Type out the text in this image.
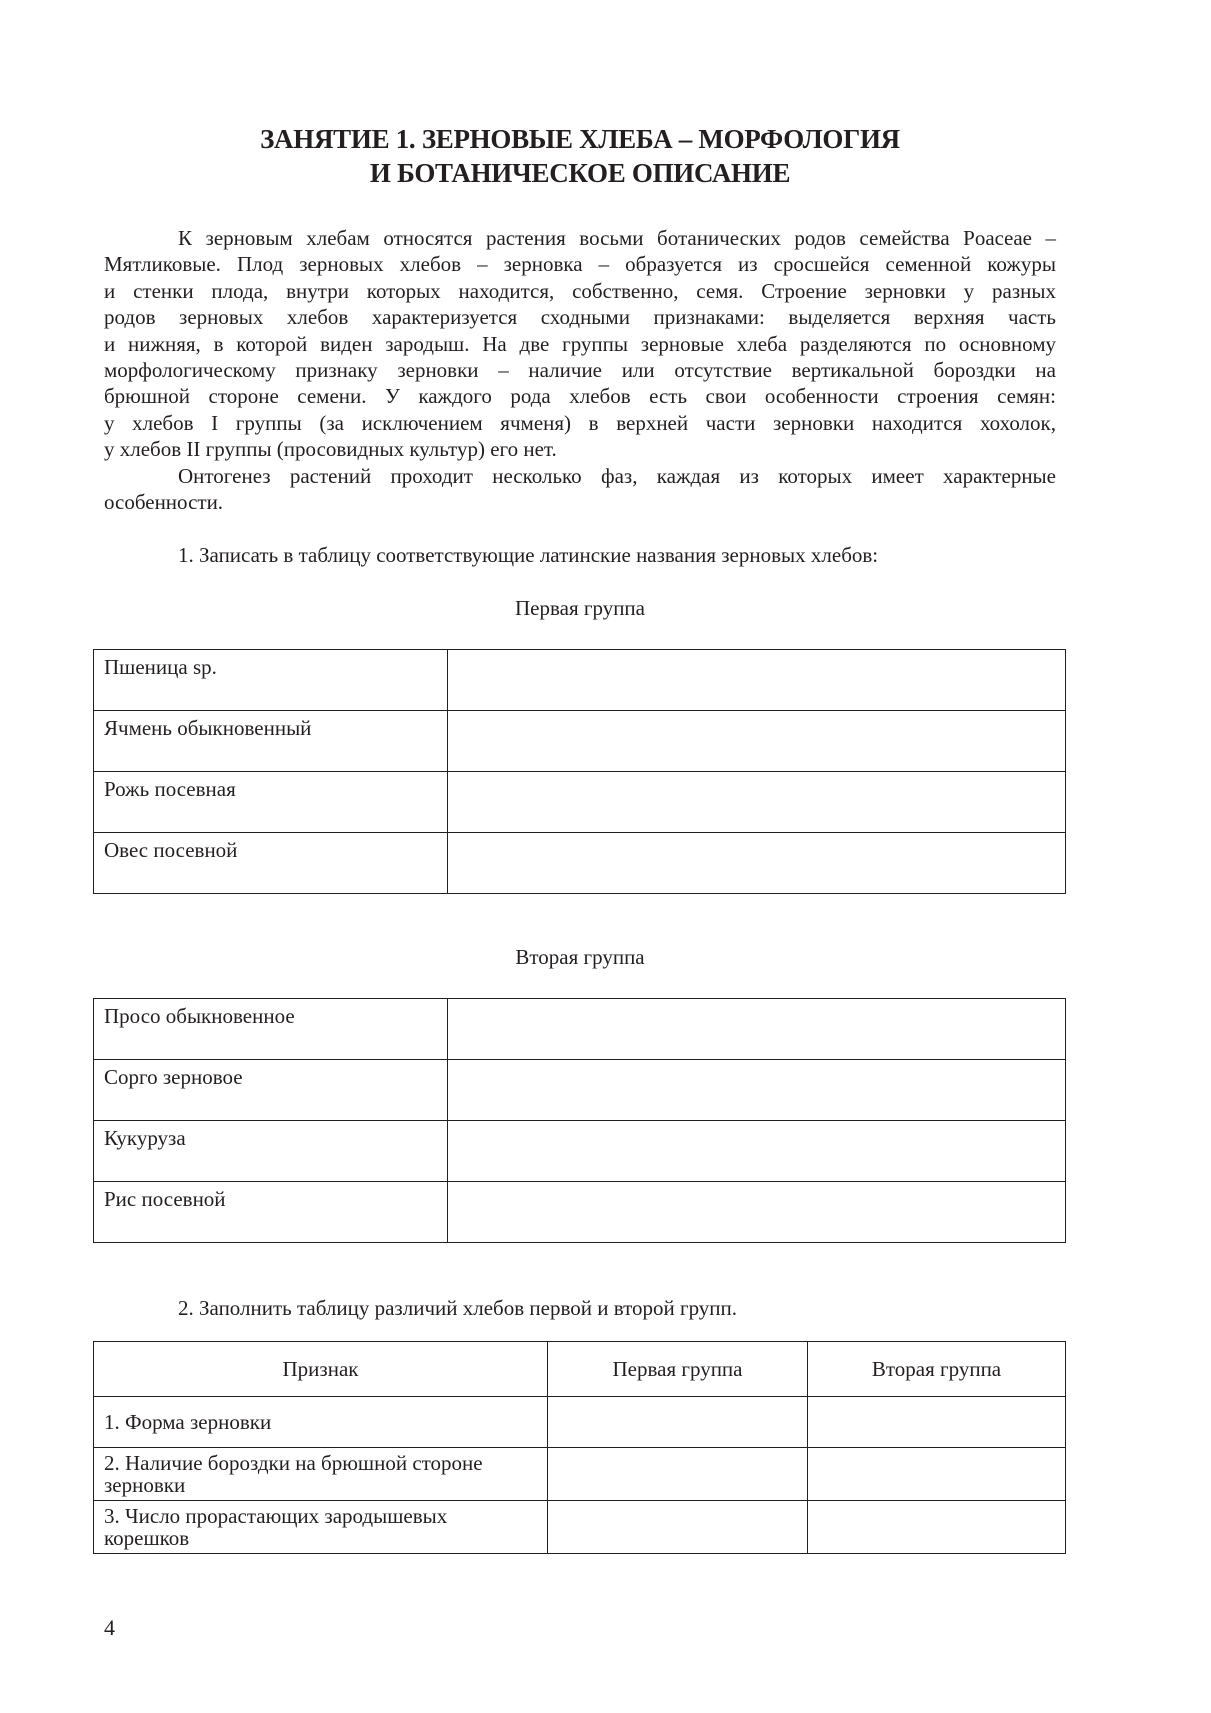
ЗАНЯТИЕ 1. ЗЕРНОВЫЕ ХЛЕБА – МОРФОЛОГИЯ
И БОТАНИЧЕСКОЕ ОПИСАНИЕ
К зерновым хлебам относятся растения восьми ботанических родов семейства Poaceae –
Мятликовые. Плод зерновых хлебов – зерновка – образуется из сросшейся семенной кожуры
и стенки плода, внутри которых находится, собственно, семя. Строение зерновки у разных
родов зерновых хлебов характеризуется сходными признаками: выделяется верхняя часть
и нижняя, в которой виден зародыш. На две группы зерновые хлеба разделяются по основному
морфологическому признаку зерновки – наличие или отсутствие вертикальной бороздки на
брюшной стороне семени. У каждого рода хлебов есть свои особенности строения семян:
у хлебов I группы (за исключением ячменя) в верхней части зерновки находится хохолок,
у хлебов II группы (просовидных культур) его нет.
Онтогенез растений проходит несколько фаз, каждая из которых имеет характерные
особенности.
1. Записать в таблицу соответствующие латинские названия зерновых хлебов:
Первая группа
Пшеница sp.	
Ячмень обыкновенный	
Рожь посевная	
Овес посевной	
Вторая группа
Просо обыкновенное	
Сорго зерновое	
Кукуруза	
Рис посевной	
2. Заполнить таблицу различий хлебов первой и второй групп.
Признак	Первая группа	Вторая группа
1. Форма зерновки		
2. Наличие бороздки на брюшной стороне зерновки		
3. Число прорастающих зародышевых корешков		
4
